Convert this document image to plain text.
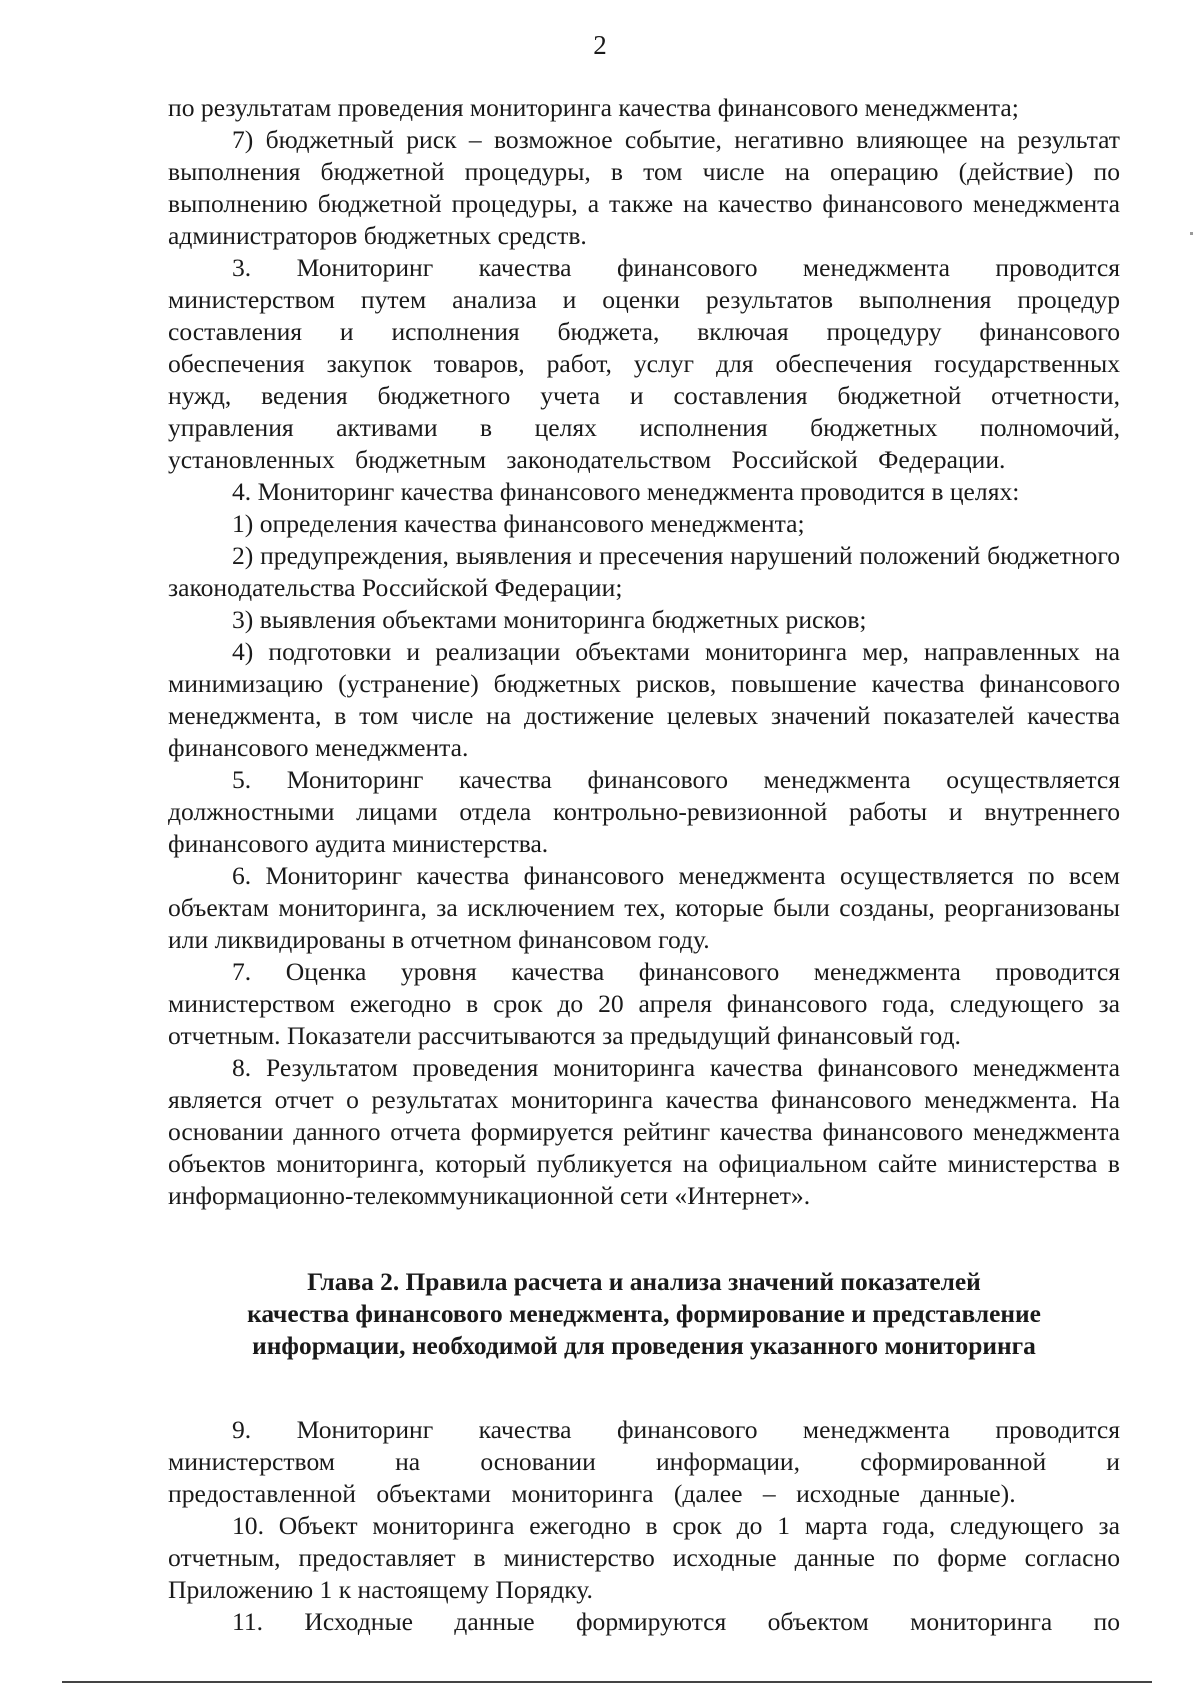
2

по результатам проведения мониторинга качества финансового менеджмента;

7) бюджетный риск – возможное событие, негативно влияющее на результат выполнения бюджетной процедуры, в том числе на операцию (действие) по выполнению бюджетной процедуры, а также на качество финансового менеджмента администраторов бюджетных средств.

3. Мониторинг качества финансового менеджмента проводится министерством путем анализа и оценки результатов выполнения процедур составления и исполнения бюджета, включая процедуру финансового обеспечения закупок товаров, работ, услуг для обеспечения государственных нужд, ведения бюджетного учета и составления бюджетной отчетности, управления активами в целях исполнения бюджетных полномочий, установленных бюджетным законодательством Российской Федерации.

4. Мониторинг качества финансового менеджмента проводится в целях:

1) определения качества финансового менеджмента;

2) предупреждения, выявления и пресечения нарушений положений бюджетного законодательства Российской Федерации;

3) выявления объектами мониторинга бюджетных рисков;

4) подготовки и реализации объектами мониторинга мер, направленных на минимизацию (устранение) бюджетных рисков, повышение качества финансового менеджмента, в том числе на достижение целевых значений показателей качества финансового менеджмента.

5. Мониторинг качества финансового менеджмента осуществляется должностными лицами отдела контрольно-ревизионной работы и внутреннего финансового аудита министерства.

6. Мониторинг качества финансового менеджмента осуществляется по всем объектам мониторинга, за исключением тех, которые были созданы, реорганизованы или ликвидированы в отчетном финансовом году.

7. Оценка уровня качества финансового менеджмента проводится министерством ежегодно в срок до 20 апреля финансового года, следующего за отчетным. Показатели рассчитываются за предыдущий финансовый год.

8. Результатом проведения мониторинга качества финансового менеджмента является отчет о результатах мониторинга качества финансового менеджмента. На основании данного отчета формируется рейтинг качества финансового менеджмента объектов мониторинга, который публикуется на официальном сайте министерства в информационно-телекоммуникационной сети «Интернет».

Глава 2. Правила расчета и анализа значений показателей
качества финансового менеджмента, формирование и представление
информации, необходимой для проведения указанного мониторинга

9. Мониторинг качества финансового менеджмента проводится министерством на основании информации, сформированной и предоставленной объектами мониторинга (далее – исходные данные).

10. Объект мониторинга ежегодно в срок до 1 марта года, следующего за отчетным, предоставляет в министерство исходные данные по форме согласно Приложению 1 к настоящему Порядку.

11. Исходные данные формируются объектом мониторинга по
